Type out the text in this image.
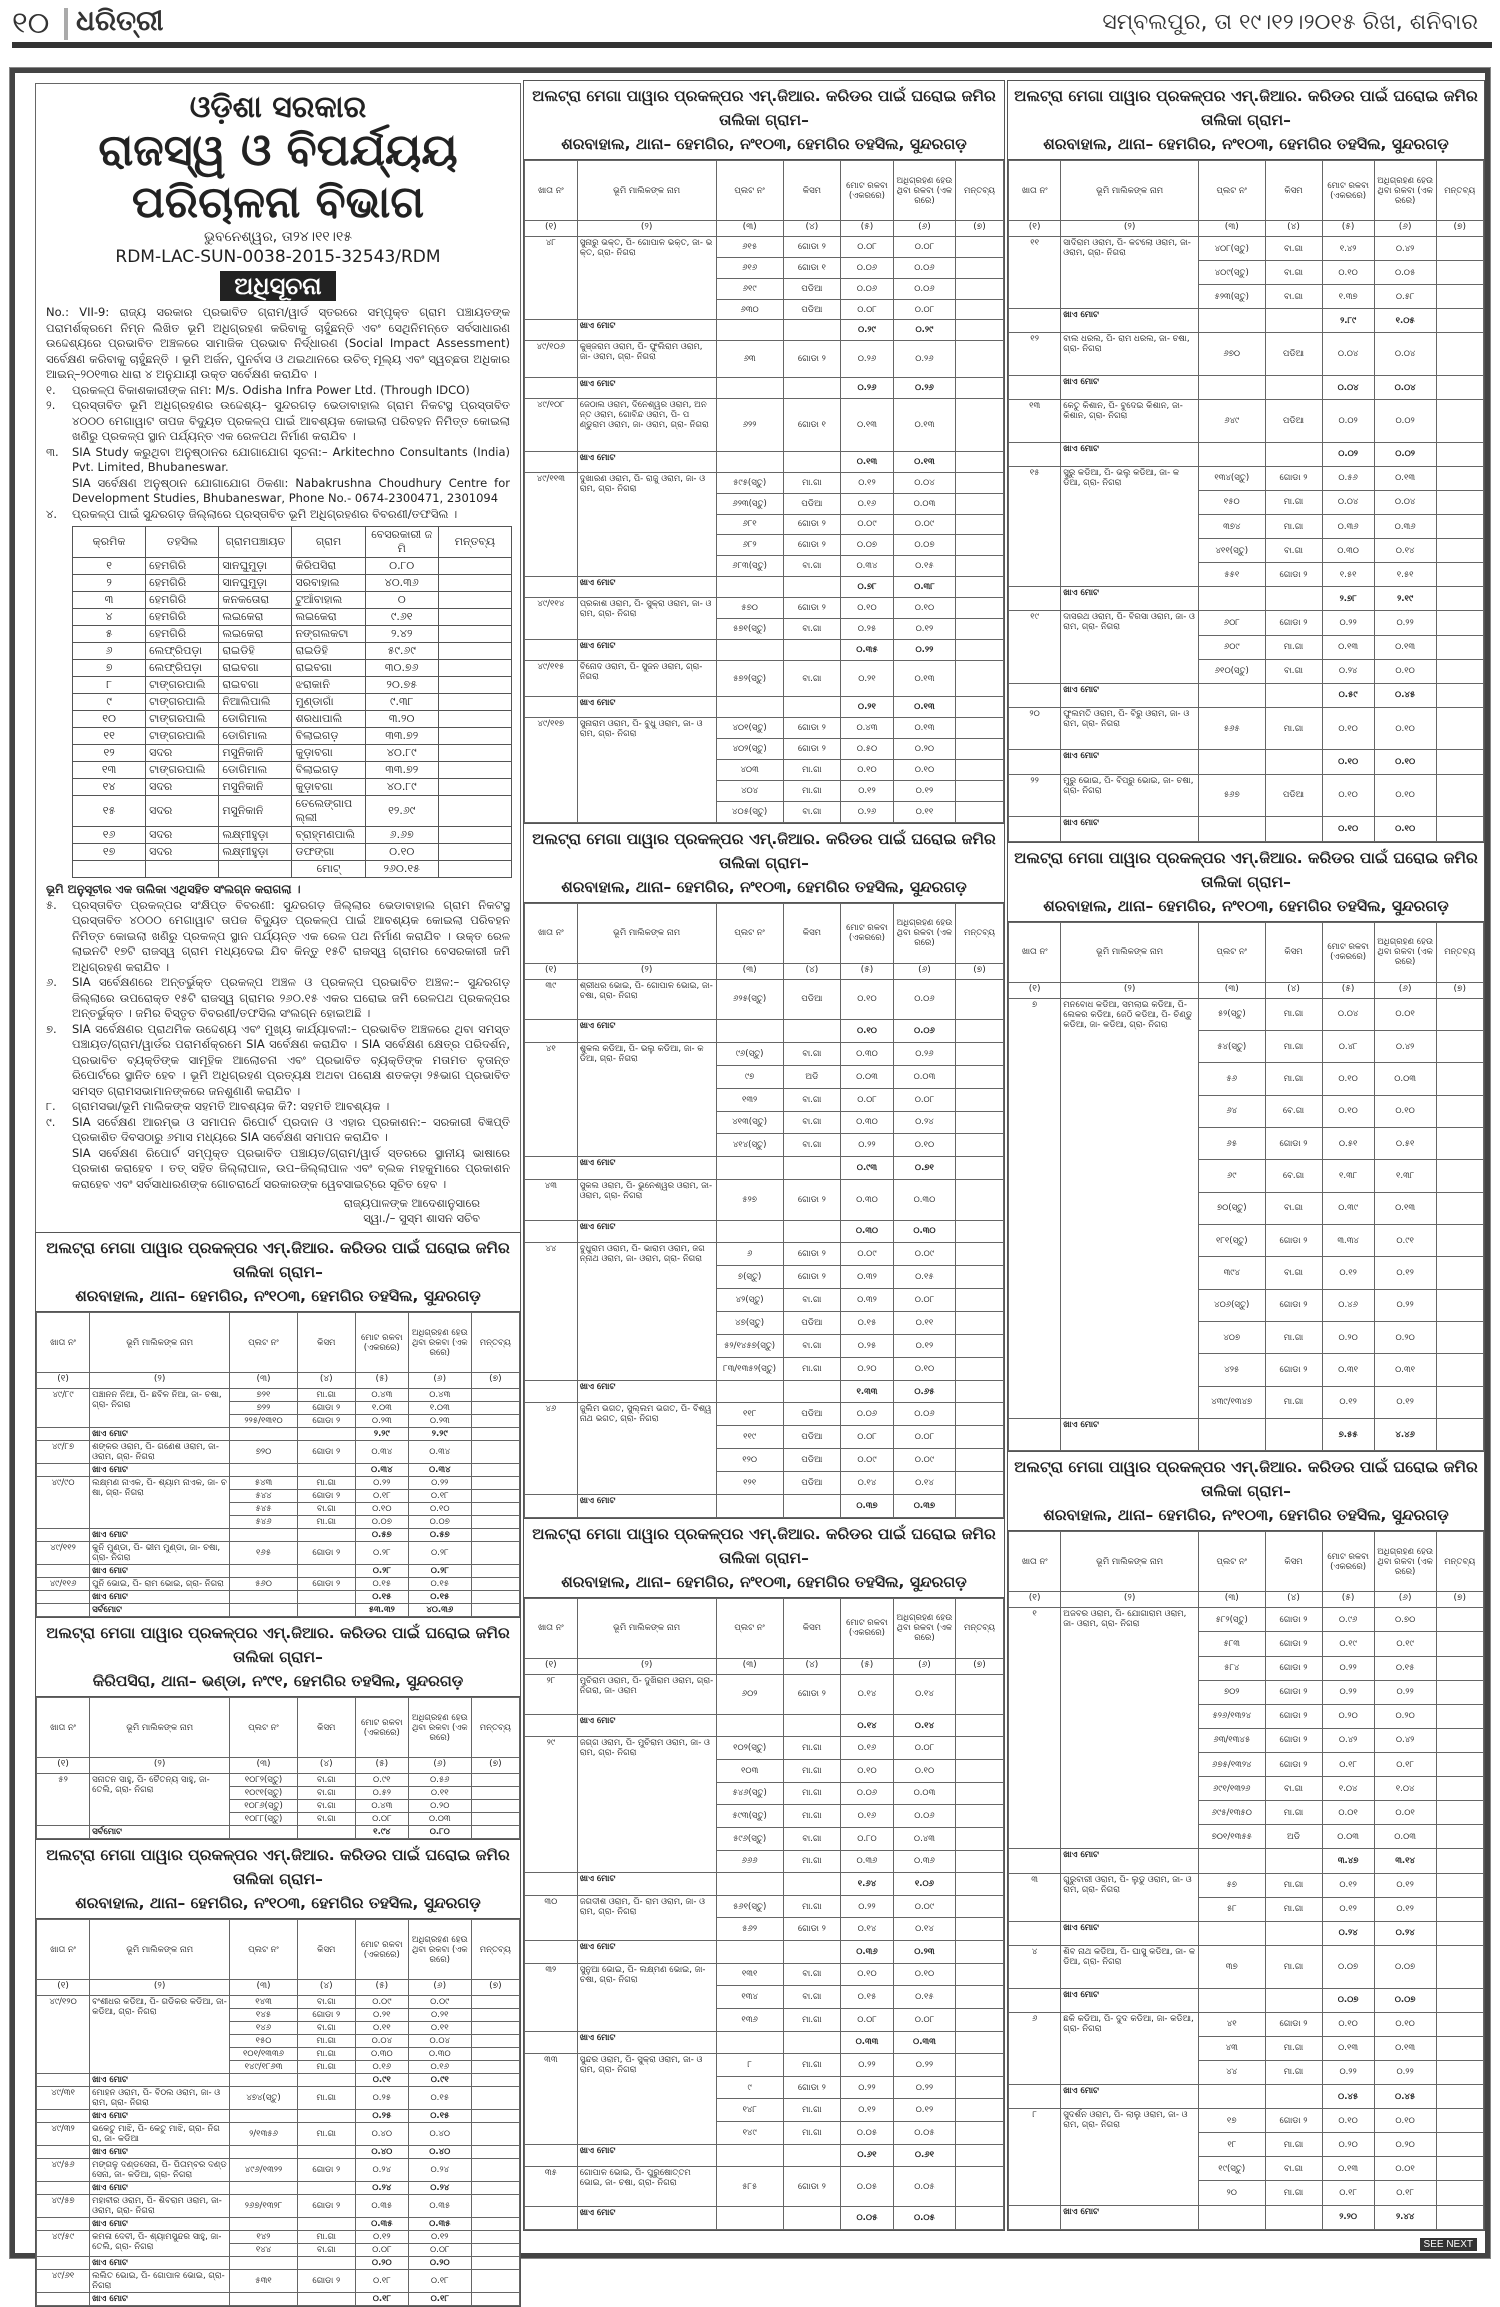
୧୦ ଧରିତ୍ରୀ	ସମ୍ବଲପୁର, ତା ୧୯।୧୨।୨୦୧୫ ରିଖ, ଶନିବାର
ଓଡ଼ିଶା ସରକାର
ରାଜସ୍ୱ ଓ ବିପର୍ଯ୍ୟୟ ପରିଚାଳନା ବିଭାଗ
ଭୁବନେଶ୍ୱର, ତା୨୪।୧୧।୧୫
RDM-LAC-SUN-0038-2015-32543/RDM
ଅଧିସୂଚନା

No.: VII-9: ରାଜ୍ୟ ସରକାର ପ୍ରଭାବିତ ଗ୍ରାମ/ୱାର୍ଡ ସ୍ତରରେ ସମ୍ପୃକ୍ତ ଗ୍ରାମ ପଞ୍ଚାୟତଙ୍କ ପରାମର୍ଶକ୍ରମେ ନିମ୍ନ ଲିଖିତ ଭୂମି ଅଧିଗ୍ରହଣ କରିବାକୁ ଚାହୁଁଛନ୍ତି ଏବଂ ସେଥିନିମନ୍ତେ ସର୍ବସାଧାରଣ ଉଦ୍ଦେଶ୍ୟରେ ପ୍ରଭାବିତ ଅଞ୍ଚଳରେ ସାମାଜିକ ପ୍ରଭାବ ନିର୍ଦ୍ଧାରଣ (Social Impact Assessment) ସର୍ବେକ୍ଷଣ କରିବାକୁ ଚାହୁଁଛନ୍ତି । ଭୂମି ଅର୍ଜନ, ପୁନର୍ବାସ ଓ ଥଇଥାନରେ ଉଚିତ୍ ମୂଲ୍ୟ ଏବଂ ସ୍ୱଚ୍ଛତା ଅଧିକାର ଆଇନ୍–୨୦୧୩ର ଧାରା ୪ ଅନୁଯାୟୀ ଉକ୍ତ ସର୍ବେକ୍ଷଣ କରାଯିବ ।

୧.	ପ୍ରକଳ୍ପ ବିକାଶକାରୀଙ୍କ ନାମ: M/s. Odisha Infra Power Ltd. (Through IDCO)
୨.	ପ୍ରସ୍ତାବିତ ଭୂମି ଅଧିଗ୍ରହଣର ଉଦ୍ଦେଶ୍ୟ– ସୁନ୍ଦରଗଡ଼ ଭେଡାବାହାଲ ଗ୍ରାମ ନିକଟସ୍ଥ ପ୍ରସ୍ତାବିତ ୪୦୦୦ ମେଗାୱାଟ ତାପଜ ବିଦ୍ୟୁତ ପ୍ରକଳ୍ପ ପାଇଁ ଆବଶ୍ୟକ କୋଇଲା ପରିବହନ ନିମିତ୍ତ କୋଇଲା ଖଣିରୁ ପ୍ରକଳ୍ପ ସ୍ଥାନ ପର୍ଯ୍ୟନ୍ତ ଏକ ରେଳପଥ ନିର୍ମାଣ କରାଯିବ ।
୩.	SIA Study କରୁଥିବା ଅନୁଷ୍ଠାନର ଯୋଗାଯୋଗ ସୂଚନା:– Arkitechno Consultants (India) Pvt. Limited, Bhubaneswar.
SIA ସର୍ବେକ୍ଷଣ ଅନୁଷ୍ଠାନ ଯୋଗାଯୋଗ ଠିକଣା: Nabakrushna Choudhury Centre for Development Studies, Bhubaneswar, Phone No.- 0674-2300471, 2301094
୪.	ପ୍ରକଳ୍ପ ପାଇଁ ସୁନ୍ଦରଗଡ଼ ଜିଲ୍ଲାରେ ପ୍ରସ୍ତାବିତ ଭୂମି ଅଧିଗ୍ରହଣର ବିବରଣୀ/ତଫସିଲ ।
କ୍ରମିକ	ତହସିଲ	ଗ୍ରାମପଞ୍ଚାୟତ	ଗ୍ରାମ	ବେସରକାରୀ ଜମି	ମନ୍ତବ୍ୟ
୧	ହେମଗିରି	ସାନଘୁମୁଡ଼ା	କିରିପସିରା	୦.୮୦	
୨	ହେମଗିରି	ସାନଘୁମୁଡ଼ା	ସରବାହାଲ	୪୦.୩୬	
୩	ହେମଗିରି	କନକତୋରା	ଟୁଆଁବାହାଲ	୦	
୪	ହେମଗିରି	ଲଇକେରା	ଲଇକେରା	୯.୬୧	
୫	ହେମଗିରି	ଲଇକେରା	ନଙ୍ଗଲକଟା	୨.୪୨	
୬	ଲେଫ୍ରିପଡ଼ା	ରାଇଡିହି	ରାଇଡିହି	୫୯.୬୯	
୭	ଲେଫ୍ରିପଡ଼ା	ରାଇବଗା	ରାଇବଗା	୩୦.୭୬	
୮	ଟାଙ୍ଗରପାଲି	ରାଇବଗା	ଝରାକାନି	୨୦.୭୫	
୯	ଟାଙ୍ଗରପାଲି	ନିଆଲିପାଲି	ମୁଣ୍ଡାଗାଁ	୯.୩୮	
୧୦	ଟାଙ୍ଗରପାଲି	ଡୋଗିମାଲ	ଶରଧାପାଲି	୩.୨୦	
୧୧	ଟାଙ୍ଗରପାଲି	ଡୋଗିମାଲ	ବିଲାଇଗଡ଼	୩୩.୭୨	
୧୨	ସଦର	ମସୁନିକାନି	କୁଡ଼ାବଗା	୪୦.୮୯	
୧୩	ଟାଙ୍ଗରପାଲି	ଡୋଗିମାଲ	ବିଲାଇଗଡ଼	୩୩.୭୨	
୧୪	ସଦର	ମସୁନିକାନି	କୁଡ଼ାବଗା	୪୦.୮୯	
୧୫	ସଦର	ମସୁନିକାନି	ତେଲେଙ୍ଗାପଲ୍ଲୀ	୧୨.୬୯	
୧୬	ସଦର	ଲକ୍ଷ୍ମୀହୁଡ଼ା	ବ୍ରାହ୍ମଣପାଲି	୬.୬୭	
୧୭	ସଦର	ଲକ୍ଷ୍ମୀହୁଡ଼ା	ଡଫଙ୍ଗା	୦.୧୦	
			ମୋଟ୍	୨୬୦.୧୫	

ଭୂମି ଅନୁସୂଚୀର ଏକ ତାଲିକା ଏଥିସହିତ ସଂଲଗ୍ନ କରାଗଲା ।

୫.	ପ୍ରସ୍ତାବିତ ପ୍ରକଳ୍ପର ସଂକ୍ଷିପ୍ତ ବିବରଣୀ: ସୁନ୍ଦରଗଡ଼ ଜିଲ୍ଲାର ଭେଡାବାହାଲ ଗ୍ରାମ ନିକଟସ୍ଥ ପ୍ରସ୍ତାବିତ ୪୦୦୦ ମେଗାୱାଟ ତାପଜ ବିଦ୍ୟୁତ ପ୍ରକଳ୍ପ ପାଇଁ ଆବଶ୍ୟକ କୋଇଲା ପରିବହନ ନିମିତ୍ତ କୋଇଲା ଖଣିରୁ ପ୍ରକଳ୍ପ ସ୍ଥାନ ପର୍ଯ୍ୟନ୍ତ ଏକ ରେଳ ପଥ ନିର୍ମାଣ କରାଯିବ । ଉକ୍ତ ରେଳ ଲାଇନଟି ୧୭ଟି ରାଜସ୍ୱ ଗ୍ରାମ ମଧ୍ୟଦେଇ ଯିବ କିନ୍ତୁ ୧୫ଟି ରାଜସ୍ୱ ଗ୍ରାମର ବେସରକାରୀ ଜମି ଅଧିଗ୍ରହଣ କରାଯିବ ।
୬.	SIA ସର୍ବେକ୍ଷଣରେ ଅନ୍ତର୍ଭୁକ୍ତ ପ୍ରକଳ୍ପ ଅଞ୍ଚଳ ଓ ପ୍ରକଳ୍ପ ପ୍ରଭାବିତ ଅଞ୍ଚଳ:– ସୁନ୍ଦରଗଡ଼ ଜିଲ୍ଲାରେ ଉପରୋକ୍ତ ୧୫ଟି ରାଜସ୍ୱ ଗ୍ରାମର ୨୬୦.୧୫ ଏକର ଘରୋଇ ଜମି ରେଳପଥ ପ୍ରକଳ୍ପର ଅନ୍ତର୍ଭୁକ୍ତ । ଜମିର ବିସ୍ତୃତ ବିବରଣୀ/ତଫସିଲ ସଂଲଗ୍ନ ହୋଇଅଛି ।
୭.	SIA ସର୍ବେକ୍ଷଣର ପ୍ରାଥମିକ ଉଦ୍ଦେଶ୍ୟ ଏବଂ ମୁଖ୍ୟ କାର୍ଯ୍ୟାବଳୀ:– ପ୍ରଭାବିତ ଅଞ୍ଚଳରେ ଥିବା ସମସ୍ତ ପଞ୍ଚାୟତ/ଗ୍ରାମ/ୱାର୍ଡର ପରାମର୍ଶକ୍ରମେ SIA ସର୍ବେକ୍ଷଣ କରାଯିବ । SIA ସର୍ବେକ୍ଷଣ କ୍ଷେତ୍ର ପରିଦର୍ଶନ, ପ୍ରଭାବିତ ବ୍ୟକ୍ତିଙ୍କ ସାମୂହିକ ଆଲୋଚନା ଏବଂ ପ୍ରଭାବିତ ବ୍ୟକ୍ତିଙ୍କ ମତାମତ ବୃତାନ୍ତ ରିପୋର୍ଟରେ ସ୍ଥାନିତ ହେବ । ଭୂମି ଅଧିଗ୍ରହଣ ପ୍ରତ୍ୟକ୍ଷ ଅଥବା ପରୋକ୍ଷ ଶତକଡ଼ା ୨୫ଭାଗ ପ୍ରଭାବିତ ସମସ୍ତ ଗ୍ରାମସଭାମାନଙ୍କରେ ଜନଶୁଣାଣି କରାଯିବ ।
୮.	ଗ୍ରାମସଭା/ଭୂମି ମାଲିକଙ୍କ ସହମତି ଆବଶ୍ୟକ କି?: ସହମତି ଆବଶ୍ୟକ ।
୯.	SIA ସର୍ବେକ୍ଷଣ ଆରମ୍ଭ ଓ ସମାପନ ରିପୋର୍ଟ ପ୍ରଦାନ ଓ ଏହାର ପ୍ରକାଶନ:– ସରକାରୀ ବିଜ୍ଞପ୍ତି ପ୍ରକାଶିତ ଦିବସଠାରୁ ୬ମାସ ମଧ୍ୟରେ SIA ସର୍ବେକ୍ଷଣ ସମାପନ କରାଯିବ ।
SIA ସର୍ବେକ୍ଷଣ ରିପୋର୍ଟ ସମ୍ପୃକ୍ତ ପ୍ରଭାବିତ ପଞ୍ଚାୟତ/ଗ୍ରାମ/ୱାର୍ଡ ସ୍ତରରେ ସ୍ଥାନୀୟ ଭାଷାରେ ପ୍ରକାଶ କରାହେବ । ତତ୍ ସହିତ ଜିଲ୍ଲାପାଳ, ଉପ–ଜିଲ୍ଲାପାଳ ଏବଂ ବ୍ଲକ ମହକୁମାରେ ପ୍ରକାଶନ କରାହେବ ଏବଂ ସର୍ବସାଧାରଣଙ୍କ ଗୋଚରାର୍ଥେ ସରକାରଙ୍କ ୱେବସାଇଟ୍‌ରେ ସୂଚିତ ହେବ ।
ରାଜ୍ୟପାଳଙ୍କ ଆଦେଶାନୁସାରେ
ସ୍ୱା./– ସୁସ୍ମ ଶାସନ ସଚିବ
ଅଲଟ୍ରା ମେଗା ପାୱାର ପ୍ରକଳ୍ପର ଏମ୍.ଜିଆର. କରିଡର ପାଇଁ ଘରୋଇ ଜମିର ତାଲିକା ଗ୍ରାମ–
ଶରବାହାଲ, ଥାନା– ହେମଗିର, ନଂ୧୦୩, ହେମଗିର ତହସିଲ, ସୁନ୍ଦରଗଡ଼
ଖାତା ନଂ	ଭୂମି ମାଲିକଙ୍କ ନାମ	ପ୍ଲଟ ନଂ	କିସମ	ମୋଟ ରକବା (ଏକରରେ)	ଅଧିଗ୍ରହଣ ହେଉଥିବା ରକବା (ଏକରରେ)	ମନ୍ତବ୍ୟ
(୧)	(୨)	(୩)	(୪)	(୫)	(୬)	(୭)
୪୯/୮୯	ପଞ୍ଚାନନ ନିଆ, ପି- ଛବିଳ ନିଆ, ଜା- ଚଷା, ଗ୍ରା- ନିଗରା	୭୨୧	ମା.ଗା	୦.୪୩	୦.୪୩	
		୭୨୨	ଗୋଡା ୨	୧.୦୩	୧.୦୩	
		୨୨୫/୧୩୧୦	ଗୋଡା ୨	୦.୨୩	୦.୨୩	
	ଖାଏ ମୋଟ			୨.୨୯	୨.୨୯	
୪୯/୮୭	ଶଙ୍କର ଓରାମ, ପି- ଗଣେଶ ଓରାମ, ଜା- ଓରାମ, ଗ୍ରା- ନିଗରା	୭୨୦	ଗୋଡା ୨	୦.୩୪	୦.୩୪	
	ଖାଏ ମୋଟ			୦.୩୪	୦.୩୪	
୪୯/୯୦	ଲକ୍ଷ୍ମଣ ନାଏକ, ପି- ଶ୍ୟାମ ନାଏକ, ଜା- ଚଷା, ଗ୍ରା- ନିଗରା	୫୪୩	ମା.ଗା	୦.୨୨	୦.୨୨	
		୫୪୪	ଗୋଡା ୨	୦.୧୮	୦.୧୮	
		୫୪୫	ବା.ଗା	୦.୧୦	୦.୧୦	
		୫୪୬	ମା.ଗା	୦.୦୭	୦.୦୭	
	ଖାଏ ମୋଟ			୦.୫୭	୦.୫୭	
୪୯/୧୧୨	କୁନି ମୁଣ୍ଡା, ପି- ଭୀମ ମୁଣ୍ଡା, ଜା- ଚଷା, ଗ୍ରା- ନିଗରା	୧୬୫	ଗୋଡା ୨	୦.୨୮	୦.୨୮	
	ଖାଏ ମୋଟ			୦.୨୮	୦.୨୮	
୪୯/୧୧୬	ପୁନି ଭୋଇ, ପି- ରାମ ଭୋଇ, ଗ୍ରା- ନିଗରା	୫୬୦	ଗୋଡା ୨	୦.୧୫	୦.୧୫	
	ଖାଏ ମୋଟ			୦.୧୫	୦.୧୫	
	ସର୍ବମୋଟ			୫୩.୩୨	୪୦.୩୬	
ଅଲଟ୍ରା ମେଗା ପାୱାର ପ୍ରକଳ୍ପର ଏମ୍.ଜିଆର. କରିଡର ପାଇଁ ଘରୋଇ ଜମିର ତାଲିକା ଗ୍ରାମ–
କିରିପସିରା, ଥାନା– ଭଣ୍ଡା, ନଂ୯୧, ହେମଗିର ତହସିଲ, ସୁନ୍ଦରଗଡ଼
ଖାତା ନଂ	ଭୂମି ମାଲିକଙ୍କ ନାମ	ପ୍ଲଟ ନଂ	କିସମ	ମୋଟ ରକବା (ଏକରରେ)	ଅଧିଗ୍ରହଣ ହେଉଥିବା ରକବା (ଏକରରେ)	ମନ୍ତବ୍ୟ
(୧)	(୨)	(୩)	(୪)	(୫)	(୬)	(୭)
୫୨	ସନାତନ ସାହୁ, ପି- ଚୈତନ୍ୟ ସାହୁ, ଜା- ତେଲି, ଗ୍ରା- ନିଗରା	୧୦୮୨(ସ୍ତୁ)	ବା.ଗା	୦.୯୧	୦.୫୬	
		୧୦୯୧(ସ୍ତୁ)	ବା.ଗା	୦.୫୨	୦.୧୧	
		୧୦୮୬(ସ୍ତୁ)	ବା.ଗା	୦.୪୩	୦.୨୦	
		୧୦୮୮(ସ୍ତୁ)	ବା.ଗା	୦.୦୮	୦.୦୩	
	ସର୍ବମୋଟ			୧.୯୪	୦.୮୦	
ଅଲଟ୍ରା ମେଗା ପାୱାର ପ୍ରକଳ୍ପର ଏମ୍.ଜିଆର. କରିଡର ପାଇଁ ଘରୋଇ ଜମିର ତାଲିକା ଗ୍ରାମ–
ଶରବାହାଲ, ଥାନା– ହେମଗିର, ନଂ୧୦୩, ହେମଗିର ତହସିଲ, ସୁନ୍ଦରଗଡ଼
ଖାତା ନଂ	ଭୂମି ମାଲିକଙ୍କ ନାମ	ପ୍ଲଟ ନଂ	କିସମ	ମୋଟ ରକବା (ଏକରରେ)	ଅଧିଗ୍ରହଣ ହେଉଥିବା ରକବା (ଏକରରେ)	ମନ୍ତବ୍ୟ
(୧)	(୨)	(୩)	(୪)	(୫)	(୬)	(୭)
୪୯/୧୨୦	ବଂଶୀଧର କଡିଆ, ପି- ଗଡିକର କଡିଆ, ଜା- କଡିଆ, ଗ୍ରା- ନିଗରା	୧୪୩	ବା.ଗା	୦.୦୯	୦.୦୯	
		୧୪୫	ଗୋଡା ୨	୦.୨୧	୦.୨୧	
		୧୪୬	ବା.ଗା	୦.୧୧	୦.୧୧	
		୧୫୦	ମା.ଗା	୦.୦୪	୦.୦୪	
		୧୦୧/୧୩୩୬	ମା.ଗା	୦.୩୦	୦.୩୦	
		୧୪୯/୧୮୬୩	ମା.ଗା	୦.୧୬	୦.୧୬	
	ଖାଏ ମୋଟ			୦.୯୧	୦.୯୧	
୪୯/୩୧	ମୋହନ ଓରାମ, ପି- ବିଠଲ ଓରାମ, ଜା- ଓରାମ, ଗ୍ରା- ନିଗରା	୪୭୪(ସ୍ତୁ)	ମା.ଗା	୦.୨୫	୦.୧୫	
	ଖାଏ ମୋଟ			୦.୨୫	୦.୧୫	
୪୯/୩୨	ଭକେତୁ ମାଝି, ପି- କେତୁ ମାଝି, ଗ୍ରା- ନିଗରା, ଜା- କଡିଆ	୨/୧୩୫୬	ମା.ଗା	୦.୪୦	୦.୪୦	
	ଖାଏ ମୋଟ			୦.୪୦	୦.୪୦	
୪୯/୫୬	ମଙ୍ଗଳୁ ଦଣ୍ଡସେନା, ପି- ପିତାମ୍ବର ଦଣ୍ଡସେନା, ଜା- କଡିଆ, ଗ୍ରା- ନିଗରା	୪୯୬/୧୩୨୨	ଗୋଡା ୨	୦.୨୪	୦.୨୪	
	ଖାଏ ମୋଟ			୦.୨୪	୦.୨୪	
୪୯/୫୭	ମହାବୀର ଓରାମ, ପି- ଶିବରାମ ଓରାମ, ଜା- ଓରାମ, ଗ୍ରା- ନିଗରା	୨୬୭/୧୩୨୮	ଗୋଡା ୨	୦.୩୫	୦.୩୫	
	ଖାଏ ମୋଟ			୦.୩୫	୦.୩୫	
୪୯/୫୯	କମଳା ଦେବୀ, ପି- ଶ୍ୟାମସୁନ୍ଦର ସାହୁ, ଜା- ତେଲି, ଗ୍ରା- ନିଗରା	୧୪୨	ମା.ଗା	୦.୧୨	୦.୧୨	
		୧୪୪	ବା.ଗା	୦.୦୮	୦.୦୮	
	ଖାଏ ମୋଟ			୦.୨୦	୦.୨୦	
୪୯/୬୧	ଲଲିତ ଭୋଇ, ପି- ଗୋପାଳ ଭୋଇ, ଗ୍ରା- ନିଗରା	୫୩୧	ଗୋଡା ୨	୦.୧୮	୦.୧୮	
	ଖାଏ ମୋଟ			୦.୧୮	୦.୧୮	
ଅଲଟ୍ରା ମେଗା ପାୱାର ପ୍ରକଳ୍ପର ଏମ୍.ଜିଆର. କରିଡର ପାଇଁ ଘରୋଇ ଜମିର ତାଲିକା ଗ୍ରାମ–
ଶରବାହାଲ, ଥାନା– ହେମଗିର, ନଂ୧୦୩, ହେମଗିର ତହସିଲ, ସୁନ୍ଦରଗଡ଼
ଖାତା ନଂ	ଭୂମି ମାଲିକଙ୍କ ନାମ	ପ୍ଲଟ ନଂ	କିସମ	ମୋଟ ରକବା (ଏକରରେ)	ଅଧିଗ୍ରହଣ ହେଉଥିବା ରକବା (ଏକରରେ)	ମନ୍ତବ୍ୟ
(୧)	(୨)	(୩)	(୪)	(୫)	(୬)	(୭)
୪୮	ସୁନାରୁ ଭକ୍ତ, ପି- ଗୋପାଳ ଭକ୍ତ, ଜା- ଭକ୍ତ, ଗ୍ରା- ନିଗରା	୬୧୫	ଗୋଡା ୨	୦.୦୮	୦.୦୮	
		୬୧୬	ଗୋଡା ୧	୦.୦୬	୦.୦୬	
		୬୧୯	ପଡିଆ	୦.୦୬	୦.୦୬	
		୬୩୦	ପଡିଆ	୦.୦୮	୦.୦୮	
	ଖାଏ ମୋଟ			୦.୨୯	୦.୨୯	
୪୯/୧୦୬	କୁଞ୍ଜରାମ ଓରାମ, ପି- ଫୁଲିରାମ ଓରାମ, ଜା- ଓରାମ, ଗ୍ରା- ନିଗରା	୬୩	ଗୋଡା ୨	୦.୨୬	୦.୨୬	
	ଖାଏ ମୋଟ			୦.୨୬	୦.୨୬	
୪୯/୧୦୮	ଜେଠାଲ ଓରାମ, ଦିନେଶ୍ୱର ଓରାମ, ଅନନ୍ତ ଓରାମ, ଗୋବିନ୍ଦ ଓରାମ, ପି- ପଣ୍ଡୁରାମ ଓରାମ, ଜା- ଓରାମ, ଗ୍ରା- ନିଗରା	୬୨୨	ଗୋଡା ୧	୦.୧୩	୦.୧୩	
	ଖାଏ ମୋଟ			୦.୧୩	୦.୧୩	
୪୯/୧୧୩	ଦୁଖାରଣ ଓରାମ, ପି- ରାଜୁ ଓରାମ, ଜା- ଓରାମ, ଗ୍ରା- ନିଗରା	୫୯୫(ସ୍ତୁ)	ମା.ଗା	୦.୧୨	୦.୦୪	
		୬୨୩(ସ୍ତୁ)	ପଡିଆ	୦.୧୬	୦.୦୩	
		୬୮୧	ଗୋଡା ୨	୦.୦୯	୦.୦୯	
		୬୮୨	ଗୋଡା ୨	୦.୦୭	୦.୦୭	
		୬୮୩(ସ୍ତୁ)	ବା.ଗା	୦.୩୪	୦.୧୫	
	ଖାଏ ମୋଟ			୦.୭୮	୦.୩୮	
୪୯/୧୧୪	ପ୍ରକାଶ ଓରାମ, ପି- ସୁକ୍ରା ଓରାମ, ଜା- ଓରାମ, ଗ୍ରା- ନିଗରା	୫୭୦	ଗୋଡା ୨	୦.୧୦	୦.୧୦	
		୫୭୧(ସ୍ତୁ)	ବା.ଗା	୦.୨୫	୦.୧୨	
	ଖାଏ ମୋଟ			୦.୩୫	୦.୨୨	
୪୯/୧୧୫	ବିନୋଦ ଓରାମ, ପି- ସୁଜନ ଓରାମ, ଗ୍ରା- ନିଗରା	୫୭୨(ସ୍ତୁ)	ବା.ଗା	୦.୨୧	୦.୧୩	
	ଖାଏ ମୋଟ			୦.୨୧	୦.୧୩	
୪୯/୧୧୭	ସୁନାରାମ ଓରାମ, ପି- ବୁଧୁ ଓରାମ, ଜା- ଓରାମ, ଗ୍ରା- ନିଗରା	୪୦୧(ସ୍ତୁ)	ଗୋଡା ୨	୦.୪୩	୦.୧୩	
		୪୦୨(ସ୍ତୁ)	ଗୋଡା ୨	୦.୫୦	୦.୨୦	
		୪୦୩	ମା.ଗା	୦.୧୦	୦.୧୦	
		୪୦୪	ମା.ଗା	୦.୧୨	୦.୧୨	
		୪୦୫(ସ୍ତୁ)	ବା.ଗା	୦.୨୬	୦.୧୧	
ଅଲଟ୍ରା ମେଗା ପାୱାର ପ୍ରକଳ୍ପର ଏମ୍.ଜିଆର. କରିଡର ପାଇଁ ଘରୋଇ ଜମିର ତାଲିକା ଗ୍ରାମ–
ଶରବାହାଲ, ଥାନା– ହେମଗିର, ନଂ୧୦୩, ହେମଗିର ତହସିଲ, ସୁନ୍ଦରଗଡ଼
ଖାତା ନଂ	ଭୂମି ମାଲିକଙ୍କ ନାମ	ପ୍ଲଟ ନଂ	କିସମ	ମୋଟ ରକବା (ଏକରରେ)	ଅଧିଗ୍ରହଣ ହେଉଥିବା ରକବା (ଏକରରେ)	ମନ୍ତବ୍ୟ
(୧)	(୨)	(୩)	(୪)	(୫)	(୬)	(୭)
୩୯	ଶ୍ରୀଧର ଭୋଇ, ପି- ଗୋପାଳ ଭୋଇ, ଜା- ଚଷା, ଗ୍ରା- ନିଗରା	୬୨୫(ସ୍ତୁ)	ପଡିଆ	୦.୧୦	୦.୦୬	
	ଖାଏ ମୋଟ			୦.୧୦	୦.୦୬	
୪୧	ଶୁକଲ କଡିଆ, ପି- ଭଲୁ କଡିଆ, ଜା- କଡିଆ, ଗ୍ରା- ନିଗରା	୯୬(ସ୍ତୁ)	ବା.ଗା	୦.୩୦	୦.୨୬	
		୯୭	ଅଡି	୦.୦୩	୦.୦୩	
		୧୩୨	ବା.ଗା	୦.୦୮	୦.୦୮	
		୪୧୩(ସ୍ତୁ)	ବା.ଗା	୦.୩୦	୦.୨୪	
		୪୧୪(ସ୍ତୁ)	ବା.ଗା	୦.୨୨	୦.୧୦	
	ଖାଏ ମୋଟ			୦.୯୩	୦.୭୧	
୪୩	ସୁକଲ ଓରାମ, ପି- ଭୁନେଶ୍ୱର ଓରାମ, ଜା- ଓରାମ, ଗ୍ରା- ନିଗରା	୫୨୭	ଗୋଡା ୨	୦.୩୦	୦.୩୦	
	ଖାଏ ମୋଟ			୦.୩୦	୦.୩୦	
୪୪	ବୁଧୁରାମ ଓରାମ, ପି- ଭାରାମ ଓରାମ, ଜଗନ୍ନାଥ ଓରାମ, ଜା- ଓରାମ, ଗ୍ରା- ନିଗରା	୬	ଗୋଡା ୨	୦.୦୯	୦.୦୯	
		୭(ସ୍ତୁ)	ଗୋଡା ୨	୦.୩୨	୦.୧୫	
		୪୨(ସ୍ତୁ)	ବା.ଗା	୦.୩୨	୦.୦୮	
		୪୭(ସ୍ତୁ)	ପଡିଆ	୦.୧୫	୦.୧୧	
		୫୨/୧୪୫୭(ସ୍ତୁ)	ବା.ଗା	୦.୨୫	୦.୧୨	
		୮୩/୧୩୫୨(ସ୍ତୁ)	ମା.ଗା	୦.୨୦	୦.୧୦	
	ଖାଏ ମୋଟ			୧.୩୩	୦.୬୫	
୪୬	ଜୁଲିମ ଭଗତ, ସୁଲ୍ଲମ ଭଗତ, ପି- ବିଶ୍ୱନାଥ ଭଗତ, ଗ୍ରା- ନିଗରା	୧୧୮	ପଡିଆ	୦.୦୬	୦.୦୬	
		୧୧୯	ପଡିଆ	୦.୦୮	୦.୦୮	
		୧୨୦	ପଡିଆ	୦.୦୯	୦.୦୯	
		୧୨୧	ପଡିଆ	୦.୧୪	୦.୧୪	
	ଖାଏ ମୋଟ			୦.୩୭	୦.୩୭	
ଅଲଟ୍ରା ମେଗା ପାୱାର ପ୍ରକଳ୍ପର ଏମ୍.ଜିଆର. କରିଡର ପାଇଁ ଘରୋଇ ଜମିର ତାଲିକା ଗ୍ରାମ–
ଶରବାହାଲ, ଥାନା– ହେମଗିର, ନଂ୧୦୩, ହେମଗିର ତହସିଲ, ସୁନ୍ଦରଗଡ଼
ଖାତା ନଂ	ଭୂମି ମାଲିକଙ୍କ ନାମ	ପ୍ଲଟ ନଂ	କିସମ	ମୋଟ ରକବା (ଏକରରେ)	ଅଧିଗ୍ରହଣ ହେଉଥିବା ରକବା (ଏକରରେ)	ମନ୍ତବ୍ୟ
(୧)	(୨)	(୩)	(୪)	(୫)	(୬)	(୭)
୨୮	ମୁଚିରାମ ଓରାମ, ପି- ଦୁଖିରାମ ଓରାମ, ଗ୍ରା- ନିଗରା, ଜା- ଓରାମ	୬୦୨	ଗୋଡା ୨	୦.୧୪	୦.୧୪	
	ଖାଏ ମୋଟ			୦.୧୪	୦.୧୪	
୨୯	ଜଗ୍ଗ ଓରାମ, ପି- ମୁଚିରାମ ଓରାମ, ଜା- ଓରାମ, ଗ୍ରା- ନିଗରା	୧୦୨(ସ୍ତୁ)	ମା.ଗା	୦.୧୬	୦.୦୮	
		୧୦୩	ମା.ଗା	୦.୧୦	୦.୧୦	
		୫୪୬(ସ୍ତୁ)	ମା.ଗା	୦.୦୬	୦.୦୩	
		୫୯୩(ସ୍ତୁ)	ମା.ଗା	୦.୧୬	୦.୦୬	
		୫୯୬(ସ୍ତୁ)	ବା.ଗା	୦.୮୦	୦.୪୩	
		୬୬୬	ମା.ଗା	୦.୩୬	୦.୩୬	
	ଖାଏ ମୋଟ			୧.୬୪	୧.୦୬	
୩୦	ଜଗଦୀଶ ଓରାମ, ପି- ରାମ ଓରାମ, ଜା- ଓରାମ, ଗ୍ରା- ନିଗରା	୫୬୧(ସ୍ତୁ)	ମା.ଗା	୦.୨୨	୦.୦୯	
		୫୬୨	ଗୋଡା ୨	୦.୧୪	୦.୧୪	
	ଖାଏ ମୋଟ			୦.୩୬	୦.୨୩	
୩୨	ସୁନୁଆ ଭୋଇ, ପି- ଲକ୍ଷ୍ମଣ ଭୋଇ, ଜା- ଚଷା, ଗ୍ରା- ନିଗରା	୧୩୧	ବା.ଗା	୦.୧୦	୦.୧୦	
		୧୩୪	ବା.ଗା	୦.୧୫	୦.୧୫	
		୧୩୬	ମା.ଗା	୦.୦୮	୦.୦୮	
	ଖାଏ ମୋଟ			୦.୩୩	୦.୩୩	
୩୩	ସୁନ୍ଦର ଓରାମ, ପି- ସୁକ୍ରା ଓରାମ, ଜା- ଓରାମ, ଗ୍ରା- ନିଗରା	୮	ମା.ଗା	୦.୨୨	୦.୨୨	
		୯	ଗୋଡା ୨	୦.୨୨	୦.୨୨	
		୧୪୮	ମା.ଗା	୦.୧୨	୦.୧୨	
		୧୪୯	ମା.ଗା	୦.୦୫	୦.୦୫	
	ଖାଏ ମୋଟ			୦.୬୧	୦.୬୧	
୩୫	ଗୋପାଳ ଭୋଇ, ପି- ପୁରୁଷୋତ୍ତମ ଭୋଇ, ଜା- ଚଷା, ଗ୍ରା- ନିଗରା	୫୮୫	ଗୋଡା ୨	୦.୦୫	୦.୦୫	
	ଖାଏ ମୋଟ			୦.୦୫	୦.୦୫	
ଅଲଟ୍ରା ମେଗା ପାୱାର ପ୍ରକଳ୍ପର ଏମ୍.ଜିଆର. କରିଡର ପାଇଁ ଘରୋଇ ଜମିର ତାଲିକା ଗ୍ରାମ–
ଶରବାହାଲ, ଥାନା– ହେମଗିର, ନଂ୧୦୩, ହେମଗିର ତହସିଲ, ସୁନ୍ଦରଗଡ଼
ଖାତା ନଂ	ଭୂମି ମାଲିକଙ୍କ ନାମ	ପ୍ଲଟ ନଂ	କିସମ	ମୋଟ ରକବା (ଏକରରେ)	ଅଧିଗ୍ରହଣ ହେଉଥିବା ରକବା (ଏକରରେ)	ମନ୍ତବ୍ୟ
(୧)	(୨)	(୩)	(୪)	(୫)	(୬)	(୭)
୧୧	ସାଦିରାମ ଓରାମ, ପି- କଟଲୋ ଓରାମ, ଜା- ଓରାମ, ଗ୍ରା- ନିଗରା	୪୦୮(ସ୍ତୁ)	ବା.ଗା	୧.୪୨	୦.୪୨	
		୪୦୯(ସ୍ତୁ)	ବା.ଗା	୦.୧୦	୦.୦୫	
		୫୨୩(ସ୍ତୁ)	ବା.ଗା	୧.୩୭	୦.୫୮	
	ଖାଏ ମୋଟ			୨.୮୯	୧.୦୫	
୧୨	ବାଲ ଧରଲ, ପି- ରାମ ଧରଲ, ଜା- ଚଷା, ଗ୍ରା- ନିଗରା	୬୭୦	ପଡିଆ	୦.୦୪	୦.୦୪	
	ଖାଏ ମୋଟ			୦.୦୪	୦.୦୪	
୧୩	କେତୁ କିଶାନ, ପି- ବୁଦେଇ କିଶାନ, ଜା- କିଶାନ, ଗ୍ରା- ନିଗରା	୬୪୯	ପଡିଆ	୦.୦୨	୦.୦୨	
	ଖାଏ ମୋଟ			୦.୦୨	୦.୦୨	
୧୫	ସୁରୁ କଡିଆ, ପି- ଭଲୁ କଡିଆ, ଜା- କଡିଆ, ଗ୍ରା- ନିଗରା	୧୩୪(ସ୍ତୁ)	ଗୋଡା ୨	୦.୫୬	୦.୧୩	
		୧୫୦	ମା.ଗା	୦.୦୪	୦.୦୪	
		୩୭୪	ମା.ଗା	୦.୩୬	୦.୩୬	
		୪୧୧(ସ୍ତୁ)	ବା.ଗା	୦.୩୦	୦.୧୪	
		୫୫୧	ଗୋଡା ୨	୧.୫୧	୧.୫୧	
	ଖାଏ ମୋଟ			୨.୭୮	୨.୧୯	
୧୯	ଦାସରଥ ଓରାମ, ପି- ବିରସା ଓରାମ, ଜା- ଓରାମ, ଗ୍ରା- ନିଗରା	୬୦୮	ଗୋଡା ୨	୦.୨୨	୦.୨୨	
		୬୦୯	ମା.ଗା	୦.୧୩	୦.୧୩	
		୬୧୦(ସ୍ତୁ)	ବା.ଗା	୦.୨୪	୦.୧୦	
	ଖାଏ ମୋଟ			୦.୫୯	୦.୪୫	
୨୦	ଫୁଲମତି ଓରାମ, ପି- ବିରୁ ଓରାମ, ଜା- ଓରାମ, ଗ୍ରା- ନିଗରା	୫୬୫	ମା.ଗା	୦.୧୦	୦.୧୦	
	ଖାଏ ମୋଟ			୦.୧୦	୦.୧୦	
୨୨	ମୁରୁ ଭୋଇ, ପି- ବିପ୍ରୁ ଭୋଇ, ଜା- ଚଷା, ଗ୍ରା- ନିଗରା	୫୬୭	ପଡିଆ	୦.୧୦	୦.୧୦	
	ଖାଏ ମୋଟ			୦.୧୦	୦.୧୦	
ଅଲଟ୍ରା ମେଗା ପାୱାର ପ୍ରକଳ୍ପର ଏମ୍.ଜିଆର. କରିଡର ପାଇଁ ଘରୋଇ ଜମିର ତାଲିକା ଗ୍ରାମ–
ଶରବାହାଲ, ଥାନା– ହେମଗିର, ନଂ୧୦୩, ହେମଗିର ତହସିଲ, ସୁନ୍ଦରଗଡ଼
ଖାତା ନଂ	ଭୂମି ମାଲିକଙ୍କ ନାମ	ପ୍ଲଟ ନଂ	କିସମ	ମୋଟ ରକବା (ଏକରରେ)	ଅଧିଗ୍ରହଣ ହେଉଥିବା ରକବା (ଏକରରେ)	ମନ୍ତବ୍ୟ
(୧)	(୨)	(୩)	(୪)	(୫)	(୬)	(୭)
୭	ମନବୋଧ କଡିଆ, ସମଲାଇ କଡିଆ, ପି- ଲେକର କଡିଆ, ଜେଠି କଡିଆ, ପି- ଚିଣ୍ଡୁ କଡିଆ, ଜା- କଡିଆ, ଗ୍ରା- ନିଗରା	୫୨(ସ୍ତୁ)	ମା.ଗା	୦.୦୪	୦.୦୧	
		୫୪(ସ୍ତୁ)	ମା.ଗା	୦.୪୮	୦.୪୨	
		୫୬	ମା.ଗା	୦.୧୦	୦.୦୩	
		୬୪	ବେ.ଗା	୦.୧୦	୦.୧୦	
		୬୫	ଗୋଡା ୨	୦.୫୧	୦.୫୧	
		୬୯	ବେ.ଗା	୧.୩୮	୧.୩୮	
		୭୦(ସ୍ତୁ)	ବା.ଗା	୦.୩୯	୦.୧୩	
		୧୮୧(ସ୍ତୁ)	ଗୋଡା ୨	୩.୩୪	୦.୯୧	
		୩୯୪	ବା.ଗା	୦.୧୨	୦.୧୨	
		୪୦୬(ସ୍ତୁ)	ଗୋଡା ୨	୦.୪୬	୦.୨୨	
		୪୦୭	ମା.ଗା	୦.୨୦	୦.୨୦	
		୪୨୫	ଗୋଡା ୨	୦.୩୧	୦.୩୧	
		୪୩୯/୧୩୪୭	ମା.ଗା	୦.୧୨	୦.୧୨	
	ଖାଏ ମୋଟ			୭.୫୫	୪.୪୬	
ଅଲଟ୍ରା ମେଗା ପାୱାର ପ୍ରକଳ୍ପର ଏମ୍.ଜିଆର. କରିଡର ପାଇଁ ଘରୋଇ ଜମିର ତାଲିକା ଗ୍ରାମ–
ଶରବାହାଲ, ଥାନା– ହେମଗିର, ନଂ୧୦୩, ହେମଗିର ତହସିଲ, ସୁନ୍ଦରଗଡ଼
ଖାତା ନଂ	ଭୂମି ମାଲିକଙ୍କ ନାମ	ପ୍ଲଟ ନଂ	କିସମ	ମୋଟ ରକବା (ଏକରରେ)	ଅଧିଗ୍ରହଣ ହେଉଥିବା ରକବା (ଏକରରେ)	ମନ୍ତବ୍ୟ
(୧)	(୨)	(୩)	(୪)	(୫)	(୬)	(୭)
୧	ଅଜବର ଓରାମ, ପି- ଯୋଗାରାମ ଓରାମ, ଜା- ଓରାମ, ଗ୍ରା- ନିଗରା	୫୮୨(ସ୍ତୁ)	ଗୋଡା ୨	୦.୯୬	୦.୭୦	
		୫୮୩	ଗୋଡା ୨	୦.୧୯	୦.୧୯	
		୫୮୪	ଗୋଡା ୨	୦.୨୨	୦.୧୫	
		୭୦୨	ଗୋଡା ୨	୦.୨୨	୦.୨୨	
		୫୨୬/୧୩୨୪	ଗୋଡା ୨	୦.୨୦	୦.୨୦	
		୬୩/୧୩୪୫	ଗୋଡା ୨	୦.୪୨	୦.୪୨	
		୬୭୫/୧୩୨୪	ଗୋଡା ୨	୦.୧୮	୦.୧୮	
		୬୯୧/୧୩୨୬	ବା.ଗା	୧.୦୪	୧.୦୪	
		୬୯୫/୧୩୫୦	ମା.ଗା	୦.୦୧	୦.୦୧	
		୭୦୧/୧୩୫୫	ଅଡି	୦.୦୩	୦.୦୩	
	ଖାଏ ମୋଟ			୩.୪୭	୩.୧୪	
୩	ଗୁରୁବାରୀ ଓରାମ, ପି- ଲୁଡୁ ଓରାମ, ଜା- ଓରାମ, ଗ୍ରା- ନିଗରା	୫୭	ମା.ଗା	୦.୧୨	୦.୧୨	
		୫୮	ମା.ଗା	୦.୧୨	୦.୧୨	
	ଖାଏ ମୋଟ			୦.୨୪	୦.୨୪	
୪	ଶିବ ନାଥ କଡିଆ, ପି- ଘାସୁ କଡିଆ, ଜା- କଡିଆ, ଗ୍ରା- ନିଗରା	୩୭	ମା.ଗା	୦.୦୭	୦.୦୭	
	ଖାଏ ମୋଟ			୦.୦୭	୦.୦୭	
୬	ଛକି କଡିଆ, ପି- ଦୁଦ କଡିଆ, ଜା- କଡିଆ, ଗ୍ରା- ନିଗରା	୪୧	ଗୋଡା ୨	୦.୧୦	୦.୧୦	
		୪୩	ମା.ଗା	୦.୧୩	୦.୧୩	
		୪୪	ମା.ଗା	୦.୨୨	୦.୨୨	
	ଖାଏ ମୋଟ			୦.୪୫	୦.୪୫	
୮	ସୁଦର୍ଶନ ଓରାମ, ପି- ଲାଲୁ ଓରାମ, ଜା- ଓରାମ, ଗ୍ରା- ନିଗରା	୧୭	ଗୋଡା ୨	୦.୧୦	୦.୧୦	
		୧୮	ମା.ଗା	୦.୨୦	୦.୨୦	
		୧୯(ସ୍ତୁ)	ବା.ଗା	୦.୧୩	୦.୦୧	
		୨୦	ମା.ଗା	୦.୧୮	୦.୧୮	
	ଖାଏ ମୋଟ			୨.୨୦	୨.୪୪	
SEE NEXT
